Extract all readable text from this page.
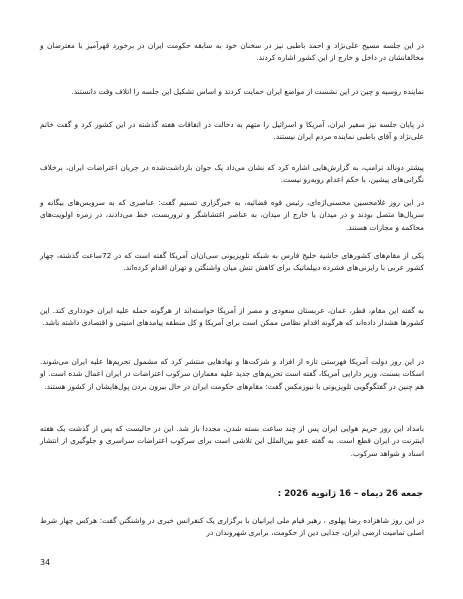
در این جلسه مسیح علی‌نژاد و احمد باطبی نیز در سخنان خود به سابقه حکومت ایران در برخورد قهرآمیز با معترضان و مخالفانشان در داخل و خارج از این کشور اشاره کردند.

نماینده روسیه و چین در این نشست از مواضع ایران حمایت کردند و اساس تشکیل این جلسه را اتلاف وقت دانستند.

در پایان جلسه نیز سفیر ایران، آمریکا و اسرائیل را متهم به دخالت در اتفاقات هفته گذشته در این کشور کرد و گفت خاتم علی‌نژاد و آقای باطبی نماینده مردم ایران نیستند.

پیشتر دونالد ترامپ، به گزارش‌هایی اشاره کرد که نشان می‌داد یک جوان بازداشت‌شده در جریان اعتراضات ایران، برخلاف نگرانی‌های پیشین، با حکم اعدام روبه‌رو نیست.

در این روز غلامحسین محسنی‌اژه‌ای، رئیس قوه قضائیه، به خبرگزاری تسنیم گفت: عناصری که به سرویس‌های بیگانه و سریال‌ها متصل بودند و در میدان یا خارج از میدان، به عناصر اغتشاشگر و تروریست، خط می‌دادند، در زمره اولویت‌های محاکمه و مجازات هستند.

یکی از مقام‌های کشورهای حاشیه خلیج فارس به شبکه تلویزیونی سی‌ان‌ان آمریکا گفته است که در 72ساعت گذشته، چهار کشور عربی با رایزنی‌های فشرده دیپلماتیک برای کاهش تنش میان واشنگتن و تهران اقدام کرده‌اند.

به گفته این مقام، قطر، عمان، عربستان سعودی و مصر از آمریکا خواسته‌اند از هرگونه حمله علیه ایران خودداری کند. این کشورها هشدار داده‌اند که هرگونه اقدام نظامی ممکن است برای آمریکا و کل منطقه پیامدهای امنیتی و اقتصادی داشته باشد.

در این روز دولت آمریکا فهرستی تازه از افراد و شرکت‌ها و نهادهایی منتشر کرد که مشمول تحریم‌ها علیه ایران می‌شوند. اسکات بسنت، وزیر دارایی آمریکا، گفته است تحریم‌های جدید علیه معماران سرکوب اعتراضات در ایران اعمال شده است. او هم چنین در گفتگوگویی تلویزیونی با نیوزمکس گفت: مقام‌های حکومت ایران در حال بیرون بردن پول‌هایشان از کشور هستند.

بامداد این روز حریم هوایی ایران پس از چند ساعت بسته شدن، مجددا باز شد. این در حالیست که پس از گذشت یک هفته اینترنت در ایران قطع است. به گفته عفو بین‌الملل این تلاشی است برای سرکوب اعتراضات سراسری و جلوگیری از انتشار اسناد و شواهد سرکوب.

جمعه 26 دیماه – 16 ژانویه 2026 :

در این روز شاهزاده رضا پهلوی ، رهبر قیام ملی ایرانیان با برگزاری یک کنفرانس خبری در واشنگتن گفت: هرکس چهار شرط اصلی تمامیت ارضی ایران، جدایی دین از حکومت، برابری شهروندان در

34
